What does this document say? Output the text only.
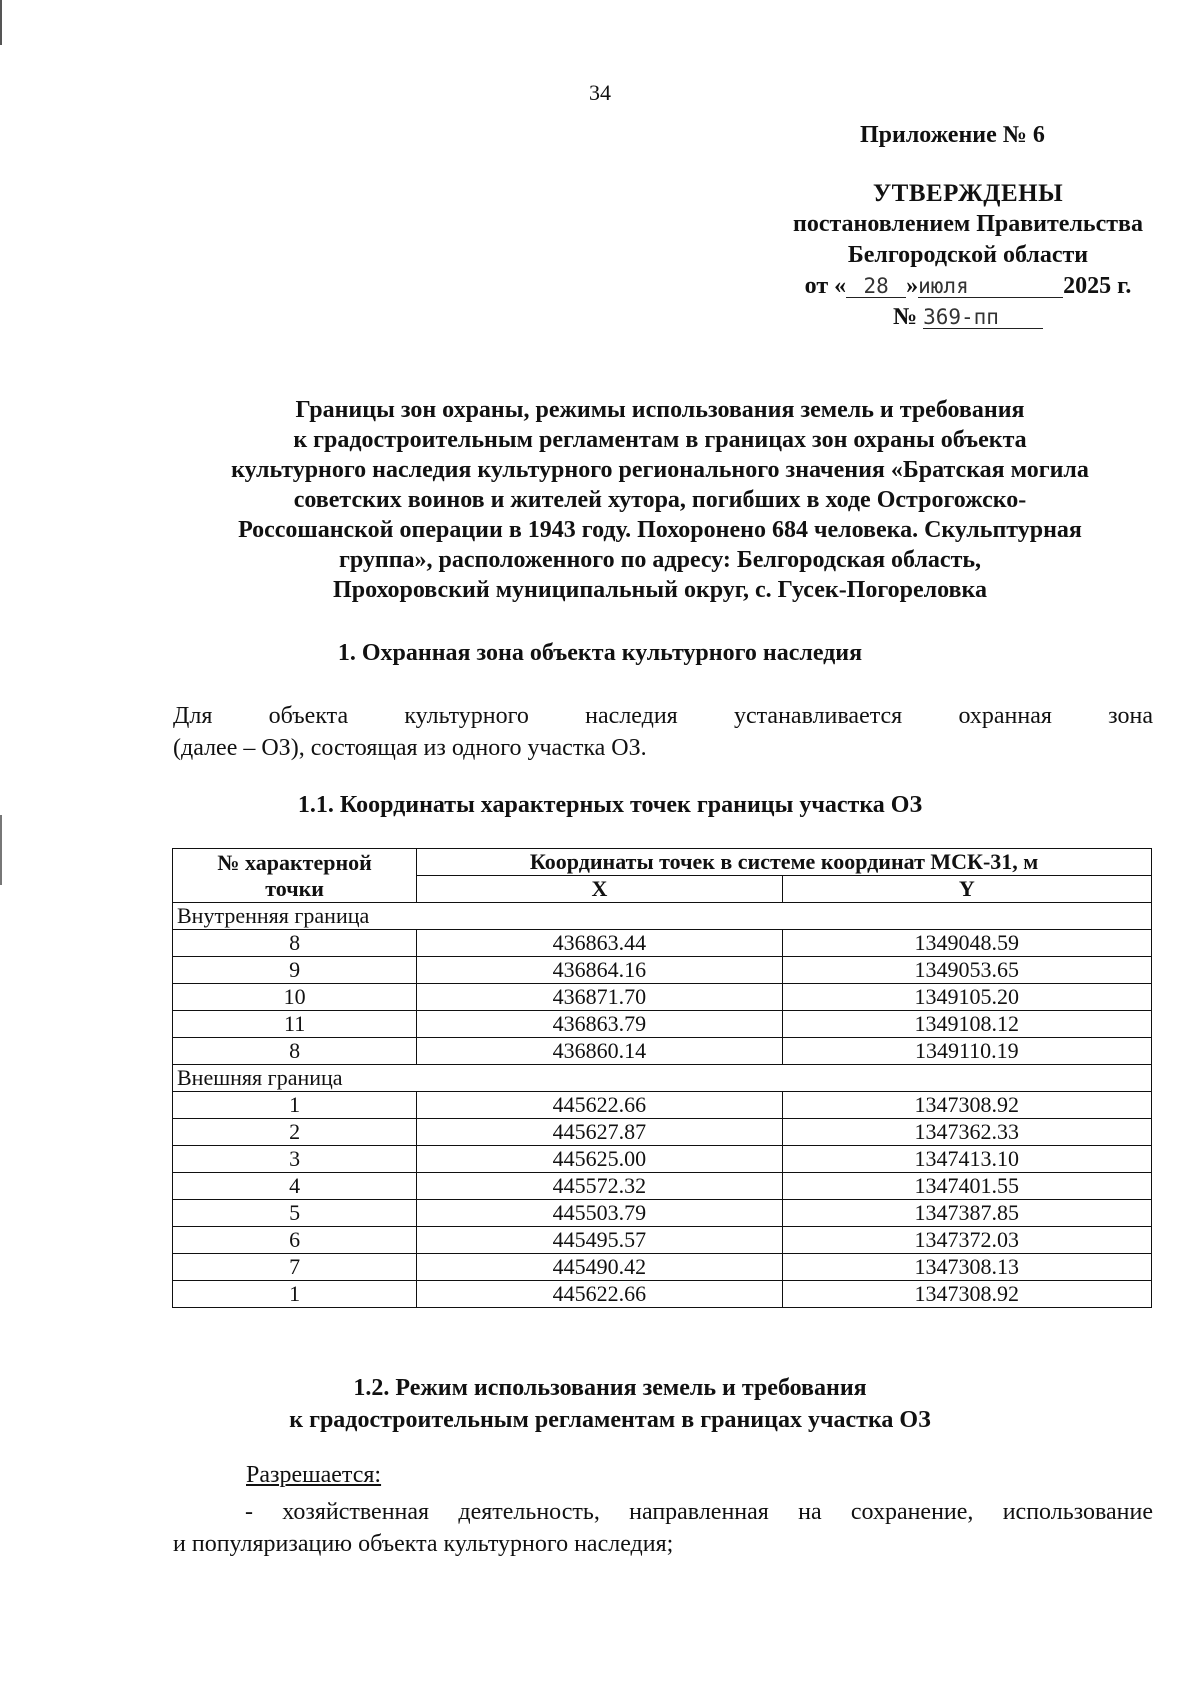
34
Приложение № 6
УТВЕРЖДЕНЫ
постановлением Правительства
Белгородской области
от « 28 »июля	2025 г.
№ 369-пп
Границы зон охраны, режимы использования земель и требования
к градостроительным регламентам в границах зон охраны объекта
культурного наследия культурного регионального значения «Братская могила
советских воинов и жителей хутора, погибших в ходе Острогожско-
Россошанской операции в 1943 году. Похоронено 684 человека. Скульптурная
группа», расположенного по адресу: Белгородская область,
Прохоровский муниципальный округ, с. Гусек-Погореловка
1. Охранная зона объекта культурного наследия
Для объекта культурного наследия устанавливается охранная зона
(далее – ОЗ), состоящая из одного участка ОЗ.
1.1. Координаты характерных точек границы участка ОЗ
№ характерной
точки	Координаты точек в системе координат МСК-31, м	
	X	Y
Внутренняя граница		
8	436863.44	1349048.59
9	436864.16	1349053.65
10	436871.70	1349105.20
11	436863.79	1349108.12
8	436860.14	1349110.19
Внешняя граница		
1	445622.66	1347308.92
2	445627.87	1347362.33
3	445625.00	1347413.10
4	445572.32	1347401.55
5	445503.79	1347387.85
6	445495.57	1347372.03
7	445490.42	1347308.13
1	445622.66	1347308.92
1.2. Режим использования земель и требования
к градостроительным регламентам в границах участка ОЗ
Разрешается:
- хозяйственная деятельность, направленная на сохранение, использование
и популяризацию объекта культурного наследия;
